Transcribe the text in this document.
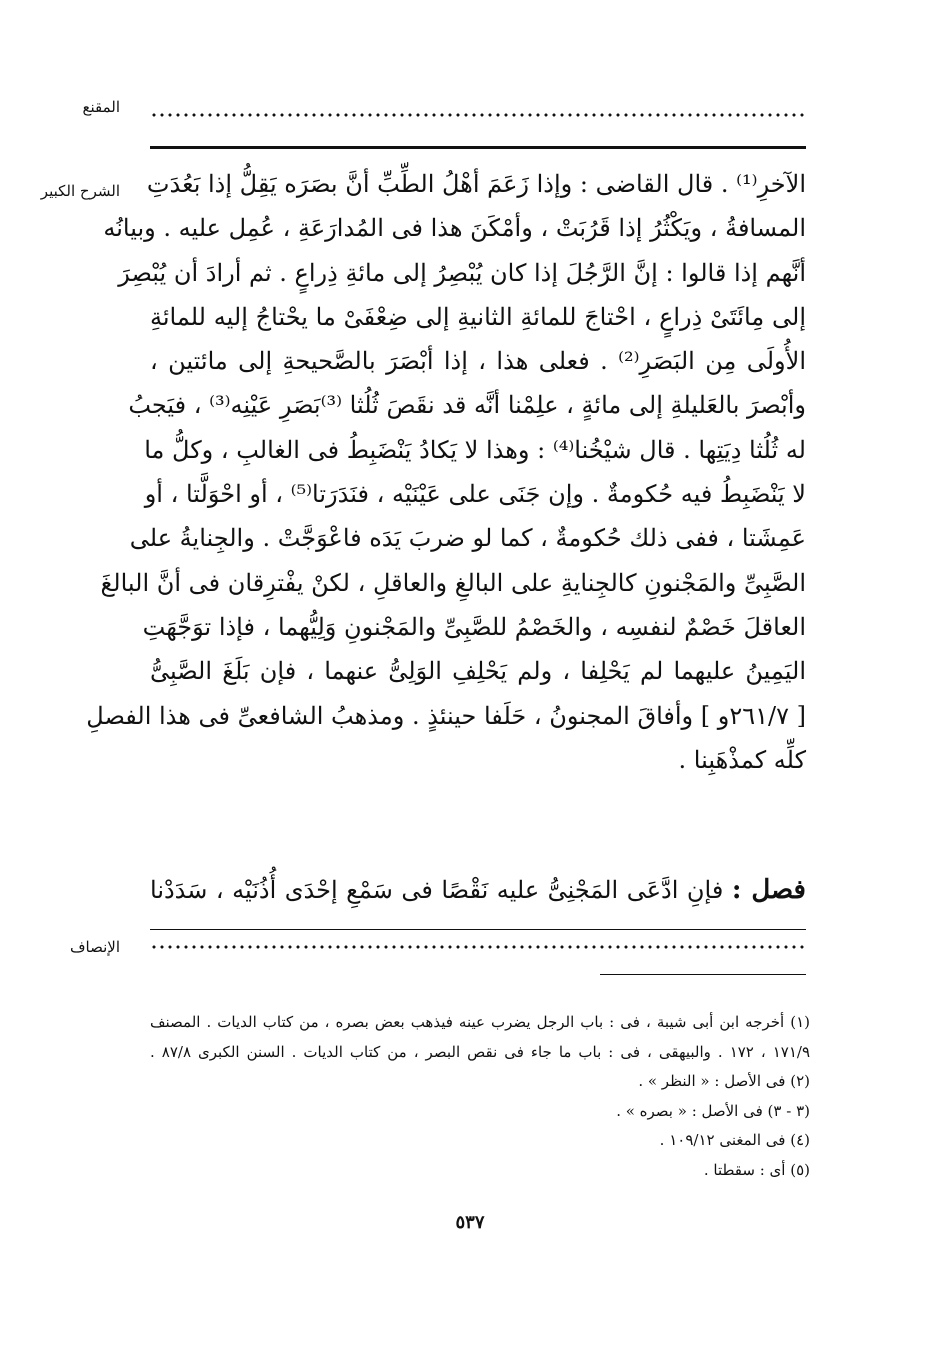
المقنع
الشرح الكبير الآخرِ⁽¹⁾ . قال القاضى : وإذا زَعَمَ أهْلُ الطِّبِّ أنَّ بصَرَه يَقِلُّ إذا بَعُدَتِ
المسافةُ ، ويَكْثُرُ إذا قَرُبَتْ ، وأمْكَنَ هذا فى المُدارَعَةِ ، عُمِل عليه . وبيانُه
أنَّهم إذا قالوا : إنَّ الرَّجُلَ إذا كان يُبْصِرُ إلى مائةِ ذِراعٍ . ثم أرادَ أن يُبْصِرَ
إلى مِائَتَىْ ذِراعٍ ، احْتاجَ للمائةِ الثانيةِ إلى ضِعْفَىْ ما يحْتاجُ إليه للمائةِ
الأُولَى مِن البَصَرِ⁽²⁾ . فعلى هذا ، إذا أبْصَرَ بالصَّحيحةِ إلى مائتين ،
وأبْصرَ بالعَليلةِ إلى مائةٍ ، علِمْنا أنَّه قد نقَصَ ثُلُثا ⁽³⁾بَصَرِ عَيْنِه⁽³⁾ ، فيَجبُ
له ثُلُثا دِيَتِها . قال شيْخُنا⁽⁴⁾ : وهذا لا يَكادُ يَنْضَبِطُ فى الغالبِ ، وكلُّ ما
لا يَنْضَبِطُ فيه حُكومةٌ . وإن جَنَى على عَيْنَيْه ، فنَدَرَتا⁽⁵⁾ ، أو احْوَلَّتا ، أو
عَمِشَتا ، ففى ذلك حُكومةٌ ، كما لو ضربَ يَدَه فاعْوَجَّتْ . والجِنايةُ على
الصَّبِىِّ والمَجْنونِ كالجِنايةِ على البالغِ والعاقلِ ، لكنْ يفْترِقان فى أنَّ البالغَ
العاقلَ خَصْمٌ لنفسِه ، والخَصْمُ للصَّبِىِّ والمَجْنونِ وَلِيُّهما ، فإذا توَجَّهَتِ
اليَمِينُ عليهما لم يَحْلِفا ، ولم يَحْلِفِ الوَلِىُّ عنهما ، فإن بَلَغَ الصَّبِىُّ
[ ٢٦١/٧و ] وأفاقَ المجنونُ ، حَلَفا حينئذٍ . ومذهبُ الشافعىِّ فى هذا الفصلِ
كلِّه كمذْهَبِنا .
فصل : فإنِ ادَّعَى المَجْنِىُّ عليه نَقْصًا فى سَمْعِ إحْدَى أُذُنَيْه ، سَدَدْنا
الإنصاف
(١) أخرجه ابن أبى شيبة ، فى : باب الرجل يضرب عينه فيذهب بعض بصره ، من كتاب الديات . المصنف
١٧١/٩ ، ١٧٢ . والبيهقى ، فى : باب ما جاء فى نقص البصر ، من كتاب الديات . السنن الكبرى ٨٧/٨ .
(٢) فى الأصل : « النظر » .
(٣ - ٣) فى الأصل : « بصره » .
(٤) فى المغنى ١٠٩/١٢ .
(٥) أى : سقطتا .
٥٣٧
